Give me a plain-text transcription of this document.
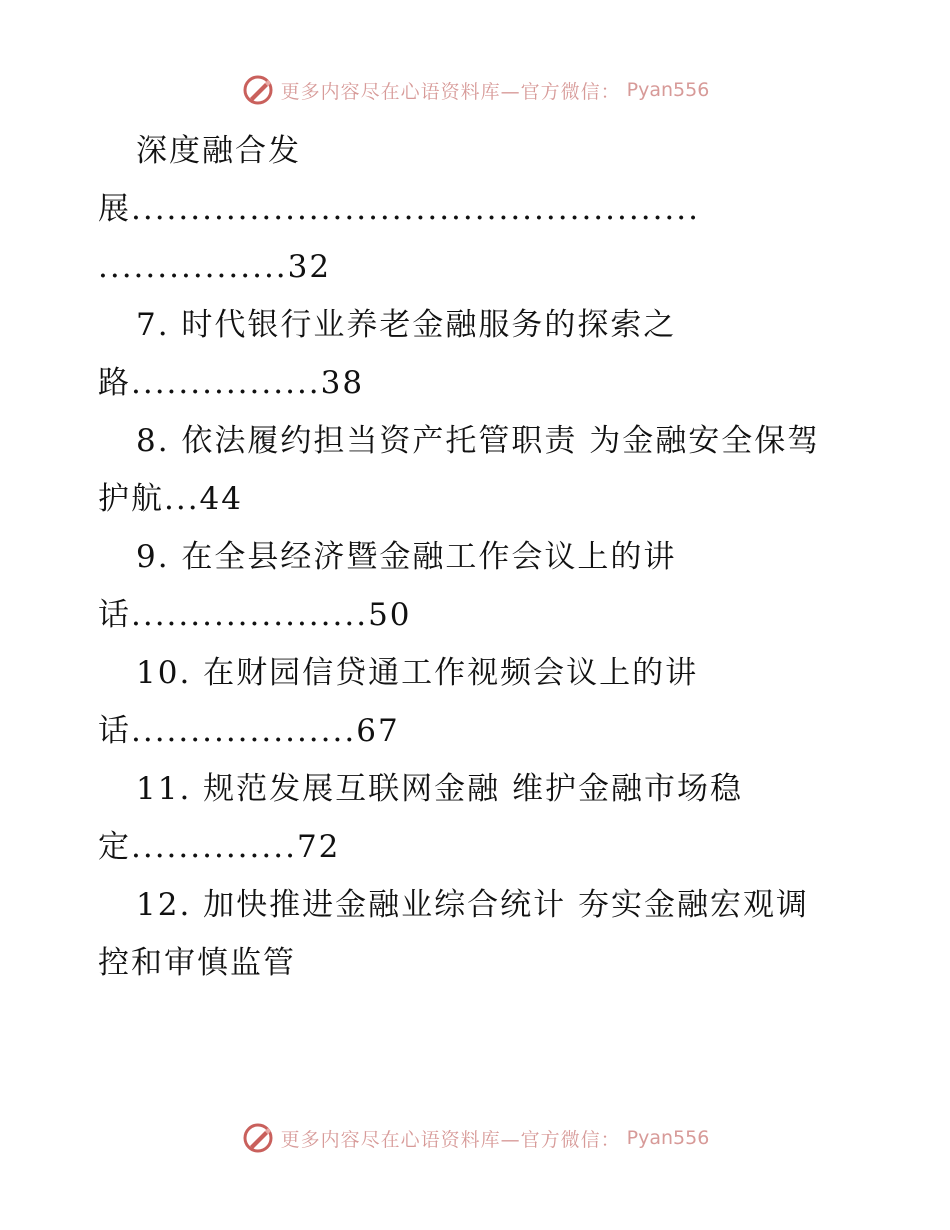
更多内容尽在心语资料库—官方微信： Pyan556
深度融合发
展................................................
................32
7. 时代银行业养老金融服务的探索之
路................38
8. 依法履约担当资产托管职责 为金融安全保驾
护航...44
9. 在全县经济暨金融工作会议上的讲
话....................50
10. 在财园信贷通工作视频会议上的讲
话...................67
11. 规范发展互联网金融 维护金融市场稳
定..............72
12. 加快推进金融业综合统计 夯实金融宏观调
控和审慎监管
更多内容尽在心语资料库—官方微信： Pyan556
